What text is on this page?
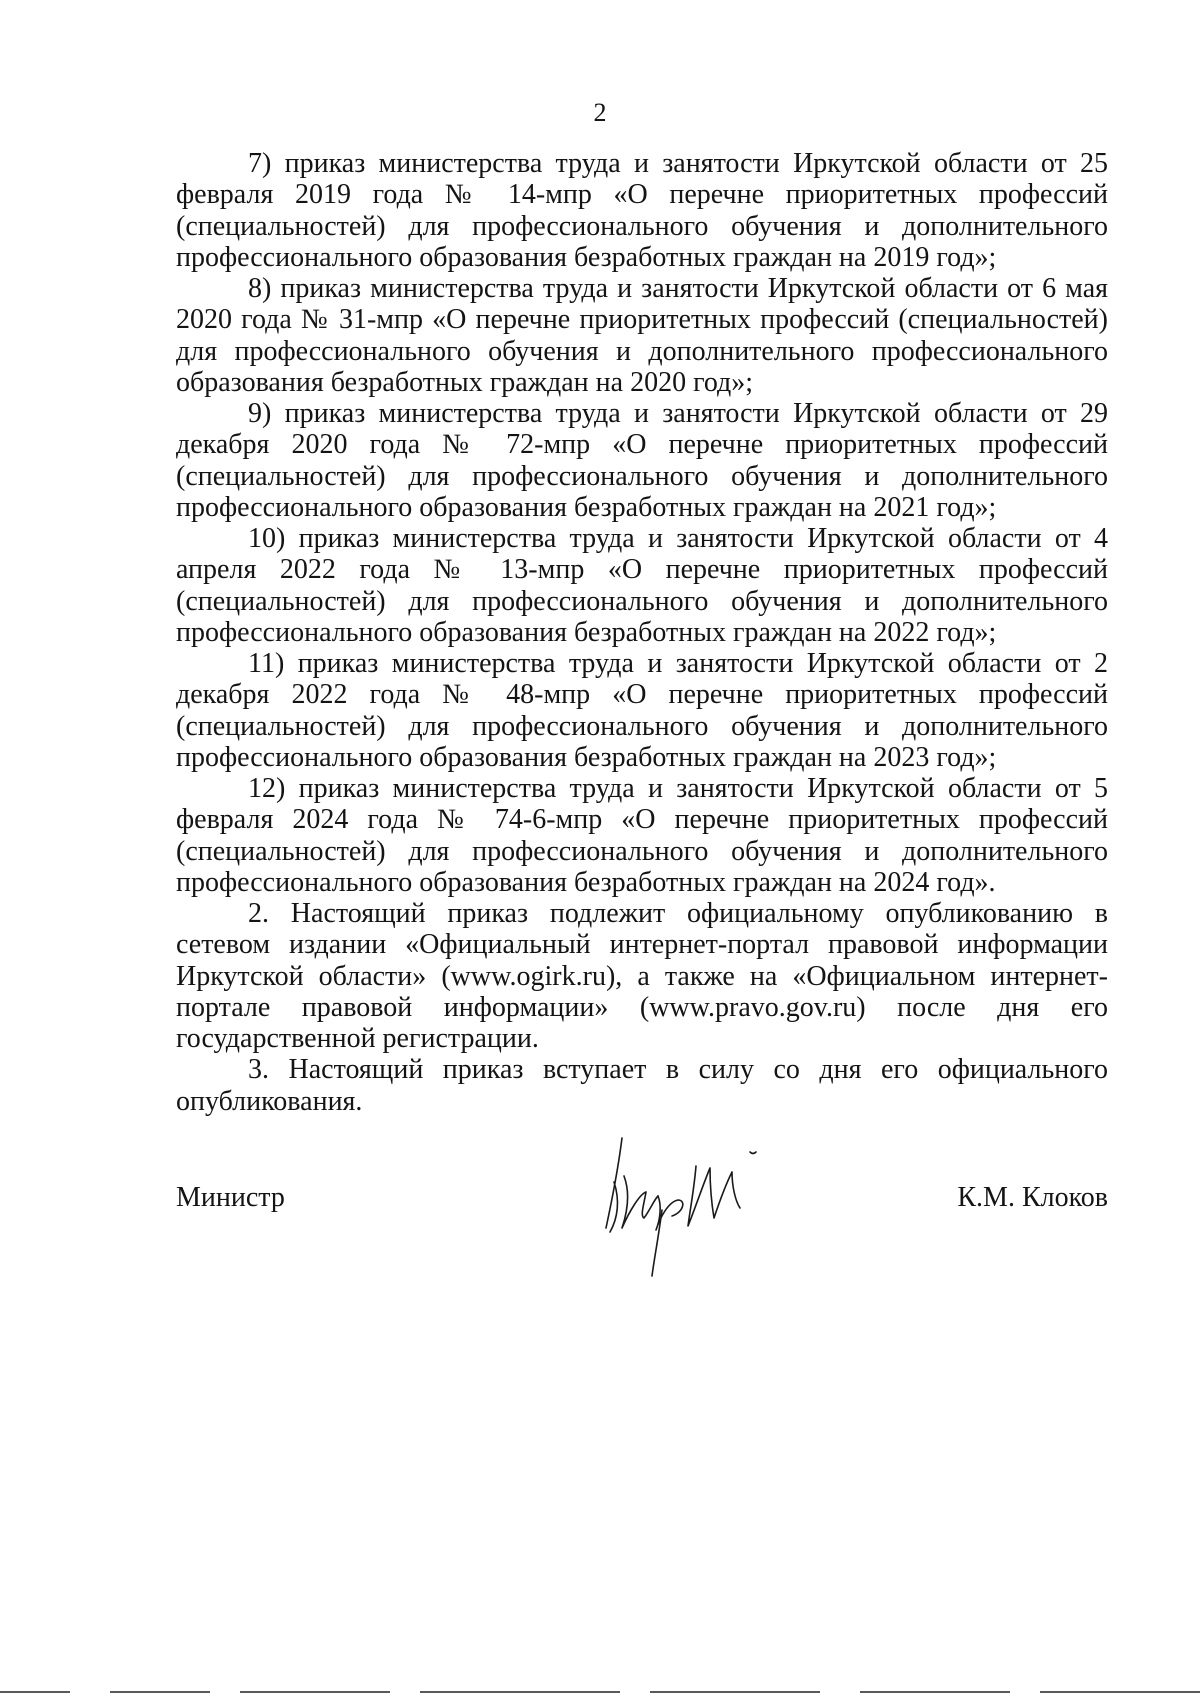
2

7) приказ министерства труда и занятости Иркутской области от 25 февраля 2019 года № 14-мпр «О перечне приоритетных профессий (специальностей) для профессионального обучения и дополнительного профессионального образования безработных граждан на 2019 год»;

8) приказ министерства труда и занятости Иркутской области от 6 мая 2020 года № 31-мпр «О перечне приоритетных профессий (специальностей) для профессионального обучения и дополнительного профессионального образования безработных граждан на 2020 год»;

9) приказ министерства труда и занятости Иркутской области от 29 декабря 2020 года № 72-мпр «О перечне приоритетных профессий (специальностей) для профессионального обучения и дополнительного профессионального образования безработных граждан на 2021 год»;

10) приказ министерства труда и занятости Иркутской области от 4 апреля 2022 года № 13-мпр «О перечне приоритетных профессий (специальностей) для профессионального обучения и дополнительного профессионального образования безработных граждан на 2022 год»;

11) приказ министерства труда и занятости Иркутской области от 2 декабря 2022 года № 48-мпр «О перечне приоритетных профессий (специальностей) для профессионального обучения и дополнительного профессионального образования безработных граждан на 2023 год»;

12) приказ министерства труда и занятости Иркутской области от 5 февраля 2024 года № 74-6-мпр «О перечне приоритетных профессий (специальностей) для профессионального обучения и дополнительного профессионального образования безработных граждан на 2024 год».

2. Настоящий приказ подлежит официальному опубликованию в сетевом издании «Официальный интернет-портал правовой информации Иркутской области» (www.ogirk.ru), а также на «Официальном интернет-портале правовой информации» (www.pravo.gov.ru) после дня его государственной регистрации.

3. Настоящий приказ вступает в силу со дня его официального опубликования.

Министр	К.М. Клоков
